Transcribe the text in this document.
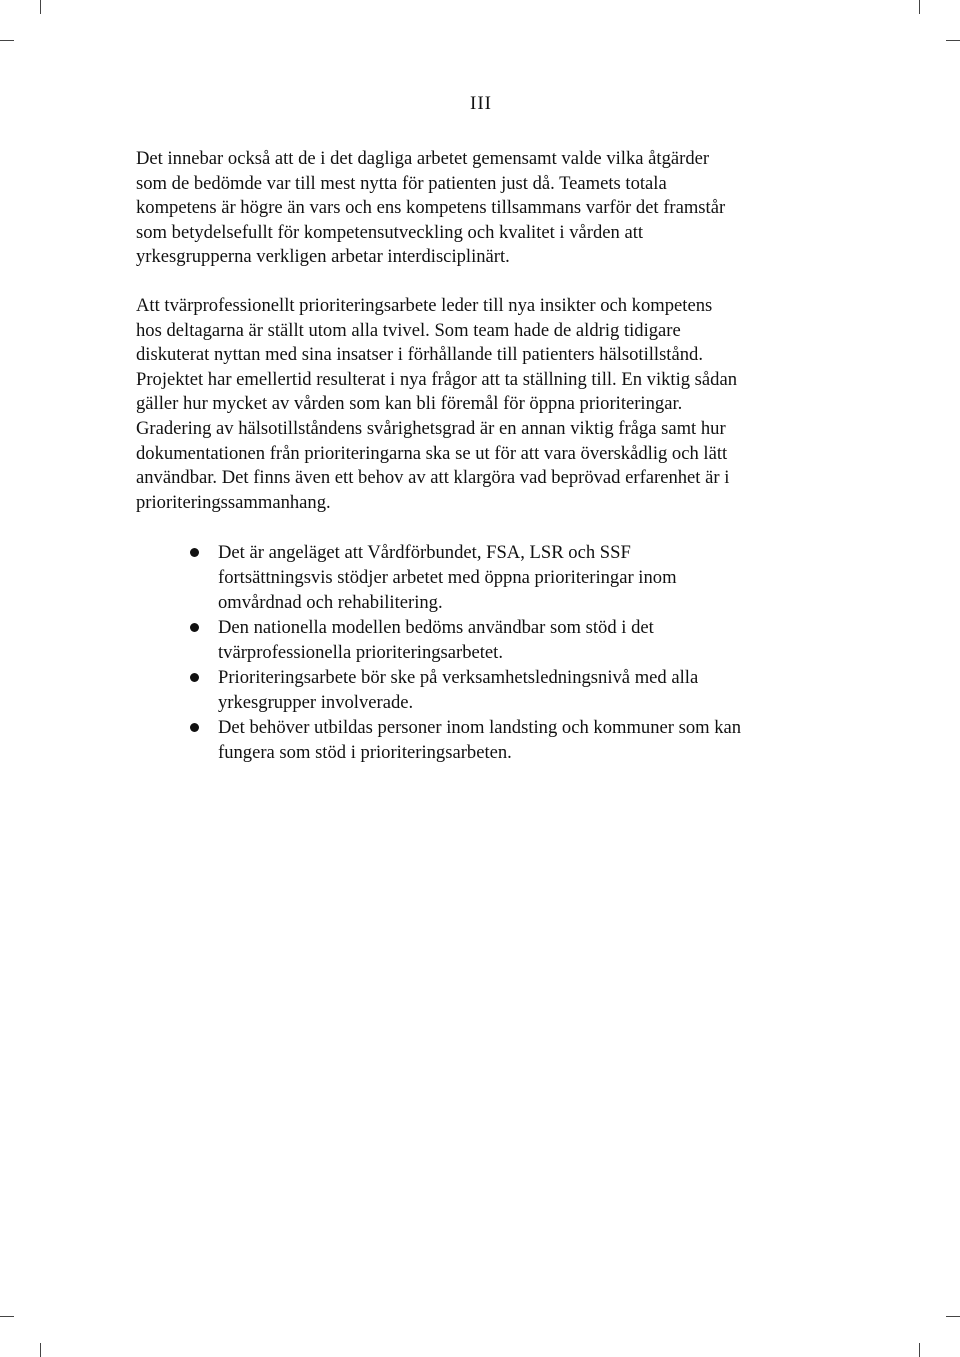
III

Det innebar också att de i det dagliga arbetet gemensamt valde vilka åtgärder
som de bedömde var till mest nytta för patienten just då. Teamets totala
kompetens är högre än vars och ens kompetens tillsammans varför det framstår
som betydelsefullt för kompetensutveckling och kvalitet i vården att
yrkesgrupperna verkligen arbetar interdisciplinärt.

Att tvärprofessionellt prioriteringsarbete leder till nya insikter och kompetens
hos deltagarna är ställt utom alla tvivel. Som team hade de aldrig tidigare
diskuterat nyttan med sina insatser i förhållande till patienters hälsotillstånd.
Projektet har emellertid resulterat i nya frågor att ta ställning till. En viktig sådan
gäller hur mycket av vården som kan bli föremål för öppna prioriteringar.
Gradering av hälsotillståndens svårighetsgrad är en annan viktig fråga samt hur
dokumentationen från prioriteringarna ska se ut för att vara överskådlig och lätt
användbar. Det finns även ett behov av att klargöra vad beprövad erfarenhet är i
prioriteringssammanhang.

Det är angeläget att Vårdförbundet, FSA, LSR och SSF
fortsättningsvis stödjer arbetet med öppna prioriteringar inom
omvårdnad och rehabilitering.
Den nationella modellen bedöms användbar som stöd i det
tvärprofessionella prioriteringsarbetet.
Prioriteringsarbete bör ske på verksamhetsledningsnivå med alla
yrkesgrupper involverade.
Det behöver utbildas personer inom landsting och kommuner som kan
fungera som stöd i prioriteringsarbeten.
